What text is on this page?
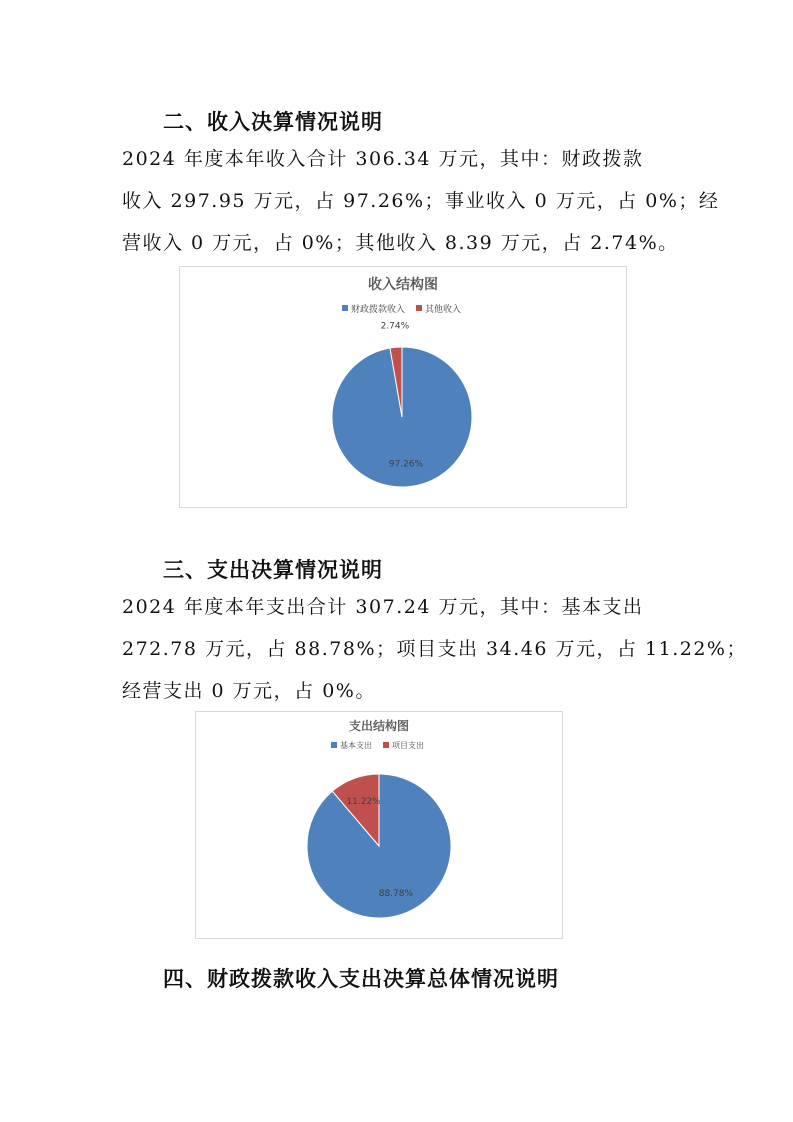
二、收入决算情况说明

2024 年度本年收入合计 306.34 万元，其中：财政拨款
收入 297.95 万元，占 97.26%；事业收入 0 万元，占 0%；经
营收入 0 万元，占 0%；其他收入 8.39 万元，占 2.74%。

收入结构图
财政拨款收入 其他收入
97.26%
2.74%
三、支出决算情况说明

2024 年度本年支出合计 307.24 万元，其中：基本支出
272.78 万元，占 88.78%；项目支出 34.46 万元，占 11.22%；
经营支出 0 万元，占 0%。

支出结构图
基本支出	项目支出
88.78%
11.22%
四、财政拨款收入支出决算总体情况说明
